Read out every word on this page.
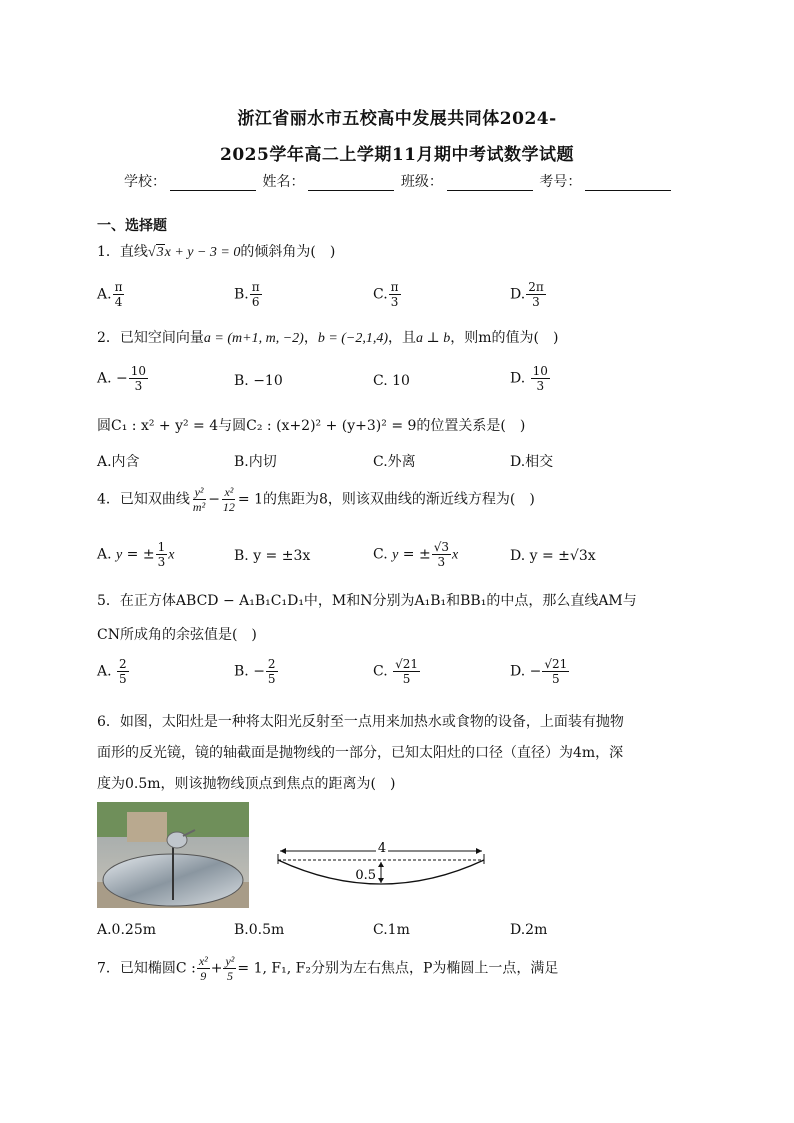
浙江省丽水市五校高中发展共同体2024-
2025学年高二上学期11月期中考试数学试题
学校：	姓名：	班级：	考号：
一、选择题
1．直线√3x + y − 3 = 0的倾斜角为(　)
A. $\frac{\pi}{4}$	B. $\frac{\pi}{6}$	C. $\frac{\pi}{3}$	D. $\frac{2\pi}{3}$
2．已知空间向量a = (m+1, m, −2)，b = (−2,1,4)，且a ⊥ b，则m的值为(　)
A. − $\frac{10}{3}$	B. −10	C. 10	D. $\frac{10}{3}$
圆C₁ : x² + y² = 4与圆C₂ : (x+2)² + (y+3)² = 9的位置关系是(　)
A.内含	B.内切	C.外离	D.相交
4．已知双曲线 $\frac{\text{y²}}{\text{m²}} - \frac{\text{x²}}{12} = 1$的焦距为8，则该双曲线的渐近线方程为(　)
A. y = ± $\frac{1}{3}$ x	B. y = ±3x	C. y = ± $\frac{√3}{3}$ x	D. y = ±√3x
5．在正方体ABCD − A₁B₁C₁D₁中，M和N分别为A₁B₁和BB₁的中点，那么直线AM与
CN所成角的余弦值是(　)
A. $\frac{2}{5}$	B. − $\frac{2}{5}$	C. $\frac{√21}{5}$	D. − $\frac{√21}{5}$
6．如图，太阳灶是一种将太阳光反射至一点用来加热水或食物的设备，上面装有抛物
面形的反光镜，镜的轴截面是抛物线的一部分，已知太阳灶的口径（直径）为4m，深
度为0.5m，则该抛物线顶点到焦点的距离为(　)
4
0.5
A.0.25m	B.0.5m	C.1m	D.2m
7．已知椭圆C : $\frac{\text{x²}}{9} + \frac{\text{y²}}{5} = 1$, F₁, F₂分别为左右焦点，P为椭圆上一点，满足
